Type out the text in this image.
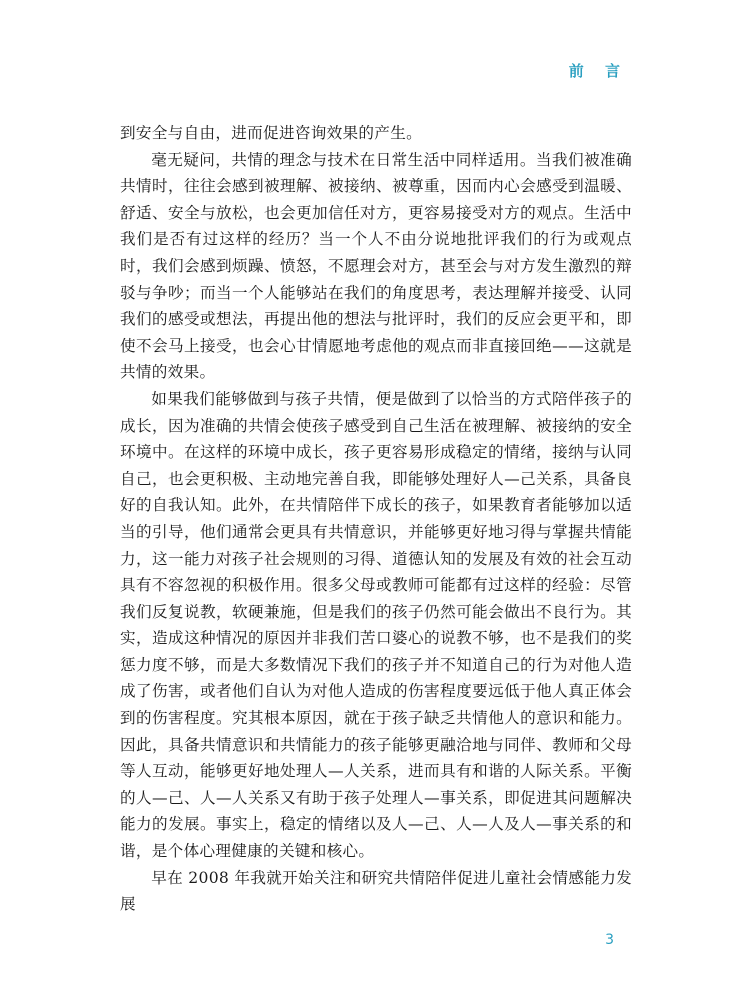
前 言

到安全与自由，进而促进咨询效果的产生。

毫无疑问，共情的理念与技术在日常生活中同样适用。当我们被准确共情时，往往会感到被理解、被接纳、被尊重，因而内心会感受到温暖、舒适、安全与放松，也会更加信任对方，更容易接受对方的观点。生活中我们是否有过这样的经历？当一个人不由分说地批评我们的行为或观点时，我们会感到烦躁、愤怒，不愿理会对方，甚至会与对方发生激烈的辩驳与争吵；而当一个人能够站在我们的角度思考，表达理解并接受、认同我们的感受或想法，再提出他的想法与批评时，我们的反应会更平和，即使不会马上接受，也会心甘情愿地考虑他的观点而非直接回绝——这就是共情的效果。

如果我们能够做到与孩子共情，便是做到了以恰当的方式陪伴孩子的成长，因为准确的共情会使孩子感受到自己生活在被理解、被接纳的安全环境中。在这样的环境中成长，孩子更容易形成稳定的情绪，接纳与认同自己，也会更积极、主动地完善自我，即能够处理好人—己关系，具备良好的自我认知。此外，在共情陪伴下成长的孩子，如果教育者能够加以适当的引导，他们通常会更具有共情意识，并能够更好地习得与掌握共情能力，这一能力对孩子社会规则的习得、道德认知的发展及有效的社会互动具有不容忽视的积极作用。很多父母或教师可能都有过这样的经验：尽管我们反复说教，软硬兼施，但是我们的孩子仍然可能会做出不良行为。其实，造成这种情况的原因并非我们苦口婆心的说教不够，也不是我们的奖惩力度不够，而是大多数情况下我们的孩子并不知道自己的行为对他人造成了伤害，或者他们自认为对他人造成的伤害程度要远低于他人真正体会到的伤害程度。究其根本原因，就在于孩子缺乏共情他人的意识和能力。因此，具备共情意识和共情能力的孩子能够更融洽地与同伴、教师和父母等人互动，能够更好地处理人—人关系，进而具有和谐的人际关系。平衡的人—己、人—人关系又有助于孩子处理人—事关系，即促进其问题解决能力的发展。事实上，稳定的情绪以及人—己、人—人及人—事关系的和谐，是个体心理健康的关键和核心。

早在 2008 年我就开始关注和研究共情陪伴促进儿童社会情感能力发展

3
